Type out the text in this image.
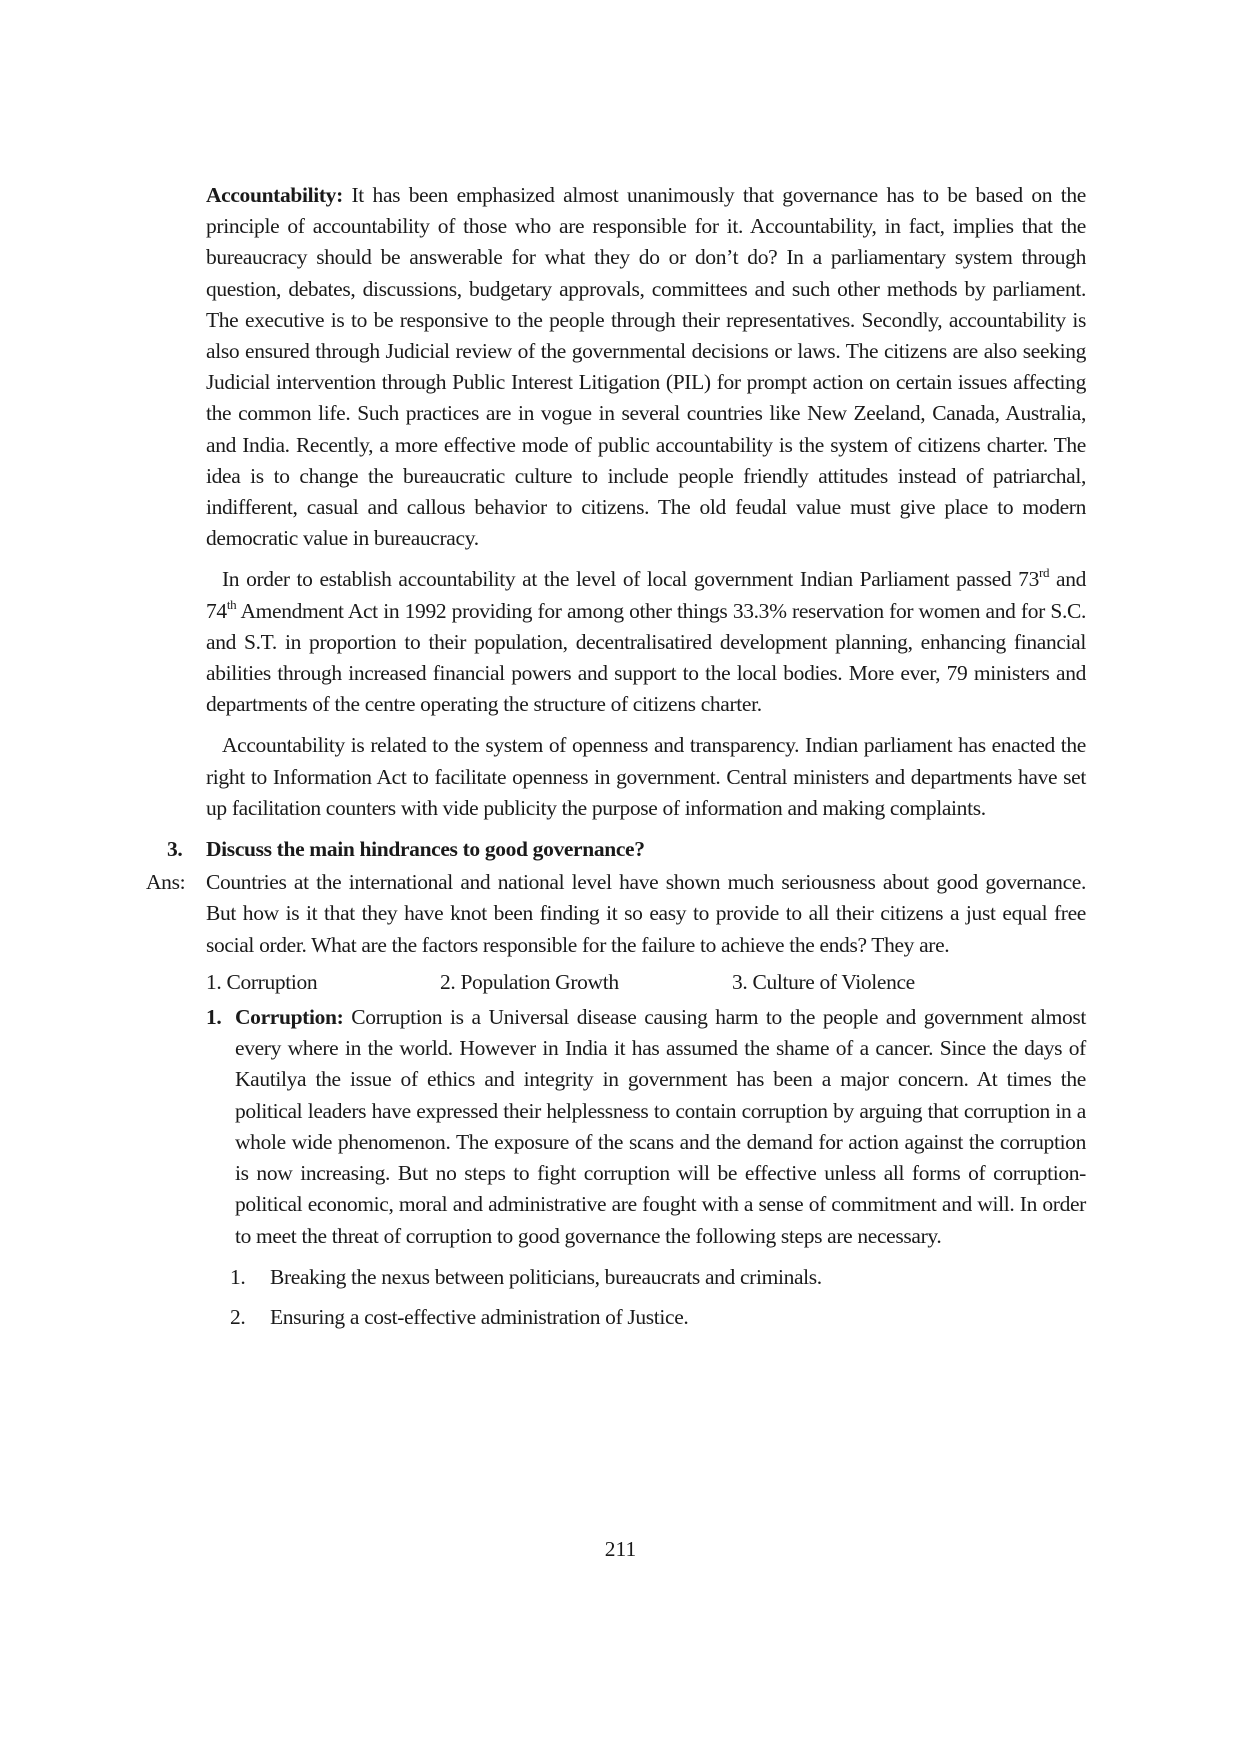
Accountability: It has been emphasized almost unanimously that governance has to be based on the principle of accountability of those who are responsible for it. Accountability, in fact, implies that the bureaucracy should be answerable for what they do or don’t do? In a parliamentary system through question, debates, discussions, budgetary approvals, committees and such other methods by parliament. The executive is to be responsive to the people through their representatives. Secondly, accountability is also ensured through Judicial review of the governmental decisions or laws. The citizens are also seeking Judicial intervention through Public Interest Litigation (PIL) for prompt action on certain issues affecting the common life. Such practices are in vogue in several countries like New Zeeland, Canada, Australia, and India. Recently, a more effective mode of public accountability is the system of citizens charter. The idea is to change the bureaucratic culture to include people friendly attitudes instead of patriarchal, indifferent, casual and callous behavior to citizens. The old feudal value must give place to modern democratic value in bureaucracy.

In order to establish accountability at the level of local government Indian Parliament passed 73rd and 74th Amendment Act in 1992 providing for among other things 33.3% reservation for women and for S.C. and S.T. in proportion to their population, decentralisatired development planning, enhancing financial abilities through increased financial powers and support to the local bodies. More ever, 79 ministers and departments of the centre operating the structure of citizens charter.

Accountability is related to the system of openness and transparency. Indian parliament has enacted the right to Information Act to facilitate openness in government. Central ministers and departments have set up facilitation counters with vide publicity the purpose of information and making complaints.

3. Discuss the main hindrances to good governance?
Ans: Countries at the international and national level have shown much seriousness about good governance. But how is it that they have knot been finding it so easy to provide to all their citizens a just equal free social order. What are the factors responsible for the failure to achieve the ends? They are.

1. Corruption	2. Population Growth	3. Culture of Violence
1. Corruption: Corruption is a Universal disease causing harm to the people and government almost every where in the world. However in India it has assumed the shame of a cancer. Since the days of Kautilya the issue of ethics and integrity in government has been a major concern. At times the political leaders have expressed their helplessness to contain corruption by arguing that corruption in a whole wide phenomenon. The exposure of the scans and the demand for action against the corruption is now increasing. But no steps to fight corruption will be effective unless all forms of corruption-political economic, moral and administrative are fought with a sense of commitment and will. In order to meet the threat of corruption to good governance the following steps are necessary.
1. Breaking the nexus between politicians, bureaucrats and criminals.
2. Ensuring a cost-effective administration of Justice.
211
